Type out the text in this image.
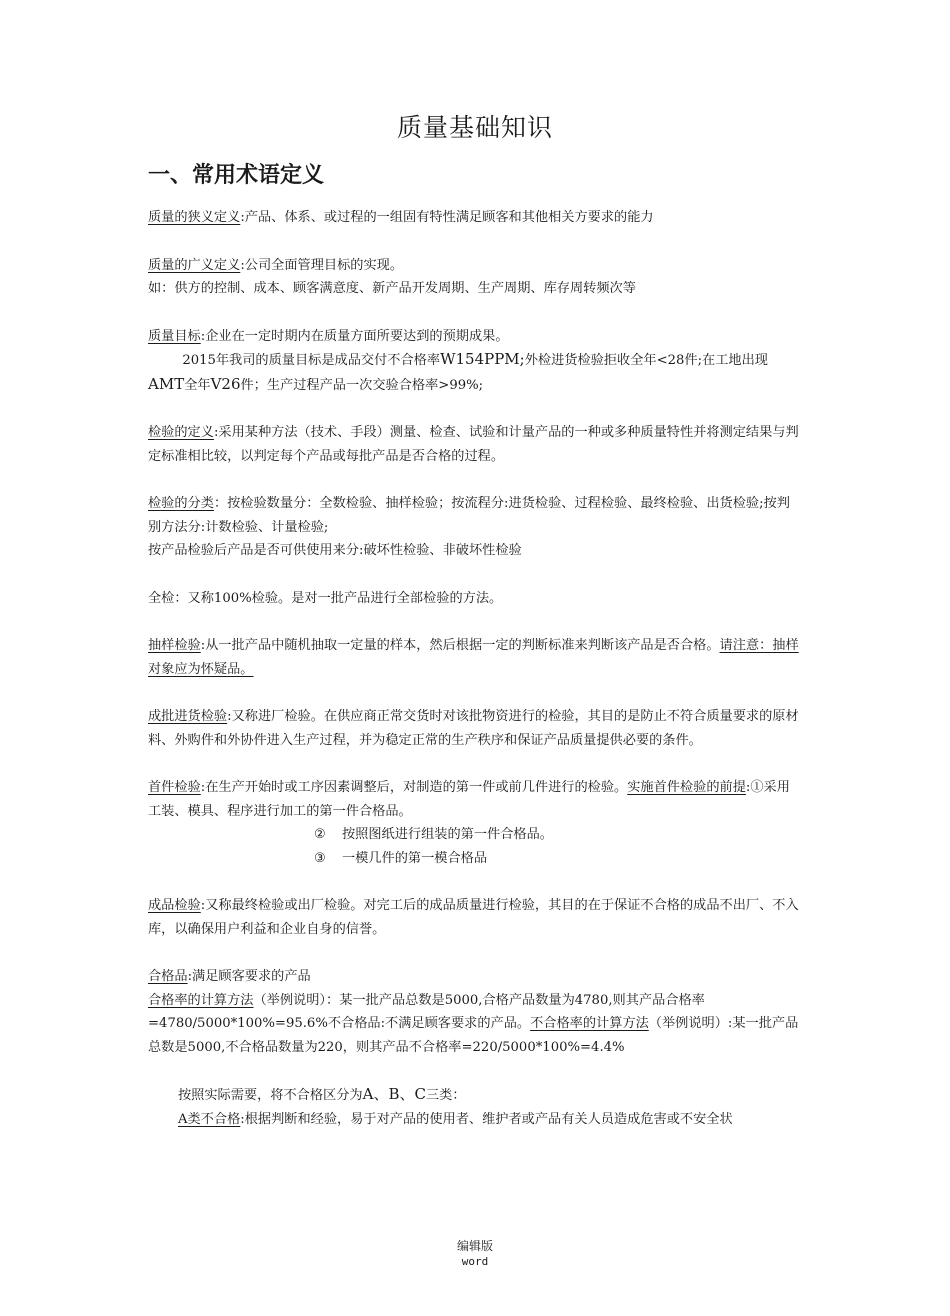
质量基础知识
一、常用术语定义

质量的狭义定义:产品、体系、或过程的一组固有特性满足顾客和其他相关方要求的能力

质量的广义定义:公司全面管理目标的实现。

如：供方的控制、成本、顾客满意度、新产品开发周期、生产周期、库存周转频次等

质量目标:企业在一定时期内在质量方面所要达到的预期成果。

2015年我司的质量目标是成品交付不合格率W154PPM;外检进货检验拒收全年<28件;在工地出现AMT全年V26件；生产过程产品一次交验合格率>99%;

检验的定义:采用某种方法（技术、手段）测量、检查、试验和计量产品的一种或多种质量特性并将测定结果与判定标准相比较，以判定每个产品或每批产品是否合格的过程。

检验的分类：按检验数量分：全数检验、抽样检验；按流程分:进货检验、过程检验、最终检验、出货检验;按判别方法分:计数检验、计量检验;

按产品检验后产品是否可供使用来分:破坏性检验、非破坏性检验

全检：又称100%检验。是对一批产品进行全部检验的方法。

抽样检验:从一批产品中随机抽取一定量的样本，然后根据一定的判断标准来判断该产品是否合格。请注意：抽样对象应为怀疑品。

成批进货检验:又称进厂检验。在供应商正常交货时对该批物资进行的检验，其目的是防止不符合质量要求的原材料、外购件和外协件进入生产过程，并为稳定正常的生产秩序和保证产品质量提供必要的条件。

首件检验:在生产开始时或工序因素调整后，对制造的第一件或前几件进行的检验。实施首件检验的前提:①采用工装、模具、程序进行加工的第一件合格品。

② 按照图纸进行组装的第一件合格品。

③ 一模几件的第一模合格品

成品检验:又称最终检验或出厂检验。对完工后的成品质量进行检验，其目的在于保证不合格的成品不出厂、不入库，以确保用户利益和企业自身的信誉。

合格品:满足顾客要求的产品

合格率的计算方法（举例说明）：某一批产品总数是5000,合格产品数量为4780,则其产品合格率=4780/5000*100%=95.6%不合格品:不满足顾客要求的产品。不合格率的计算方法（举例说明）:某一批产品总数是5000,不合格品数量为220，则其产品不合格率=220/5000*100%=4.4%

按照实际需要，将不合格区分为A、B、C三类：

A类不合格:根据判断和经验，易于对产品的使用者、维护者或产品有关人员造成危害或不安全状

编辑版
word
